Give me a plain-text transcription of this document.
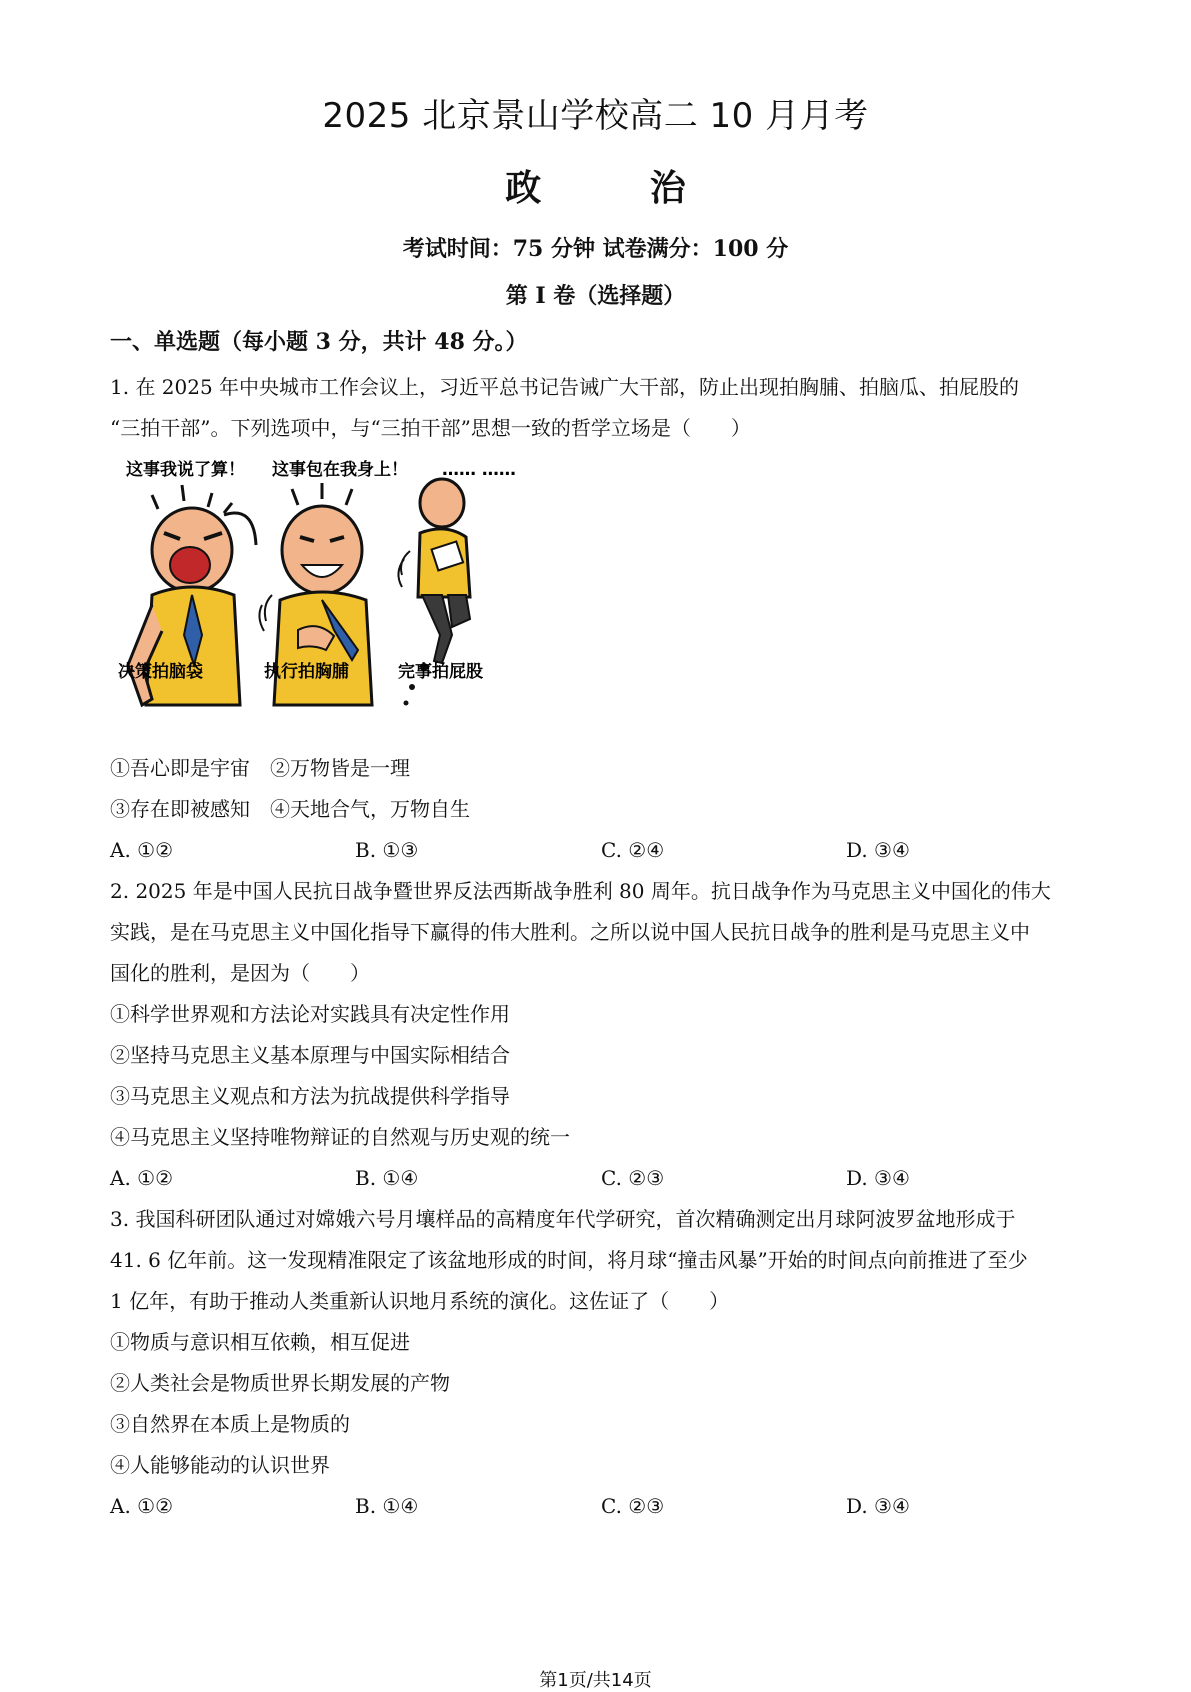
2025 北京景山学校高二 10 月月考
政 治
考试时间：75 分钟 试卷满分：100 分
第 I 卷（选择题）
一、单选题（每小题 3 分，共计 48 分。）
1. 在 2025 年中央城市工作会议上，习近平总书记告诫广大干部，防止出现拍胸脯、拍脑瓜、拍屁股的
“三拍干部”。下列选项中，与“三拍干部”思想一致的哲学立场是（　　）
这事我说了算！ 这事包在我身上！ …… ……
决策拍脑袋	执行拍胸脯	完事拍屁股
①吾心即是宇宙　②万物皆是一理
③存在即被感知　④天地合气，万物自生
A. ①②	B. ①③	C. ②④	D. ③④
2. 2025 年是中国人民抗日战争暨世界反法西斯战争胜利 80 周年。抗日战争作为马克思主义中国化的伟大
实践，是在马克思主义中国化指导下赢得的伟大胜利。之所以说中国人民抗日战争的胜利是马克思主义中
国化的胜利，是因为（　　）
①科学世界观和方法论对实践具有决定性作用
②坚持马克思主义基本原理与中国实际相结合
③马克思主义观点和方法为抗战提供科学指导
④马克思主义坚持唯物辩证的自然观与历史观的统一
A. ①②	B. ①④	C. ②③	D. ③④
3. 我国科研团队通过对嫦娥六号月壤样品的高精度年代学研究，首次精确测定出月球阿波罗盆地形成于
41. 6 亿年前。这一发现精准限定了该盆地形成的时间，将月球“撞击风暴”开始的时间点向前推进了至少
1 亿年，有助于推动人类重新认识地月系统的演化。这佐证了（　　）
①物质与意识相互依赖，相互促进
②人类社会是物质世界长期发展的产物
③自然界在本质上是物质的
④人能够能动的认识世界
A. ①②	B. ①④	C. ②③	D. ③④
第1页/共14页
